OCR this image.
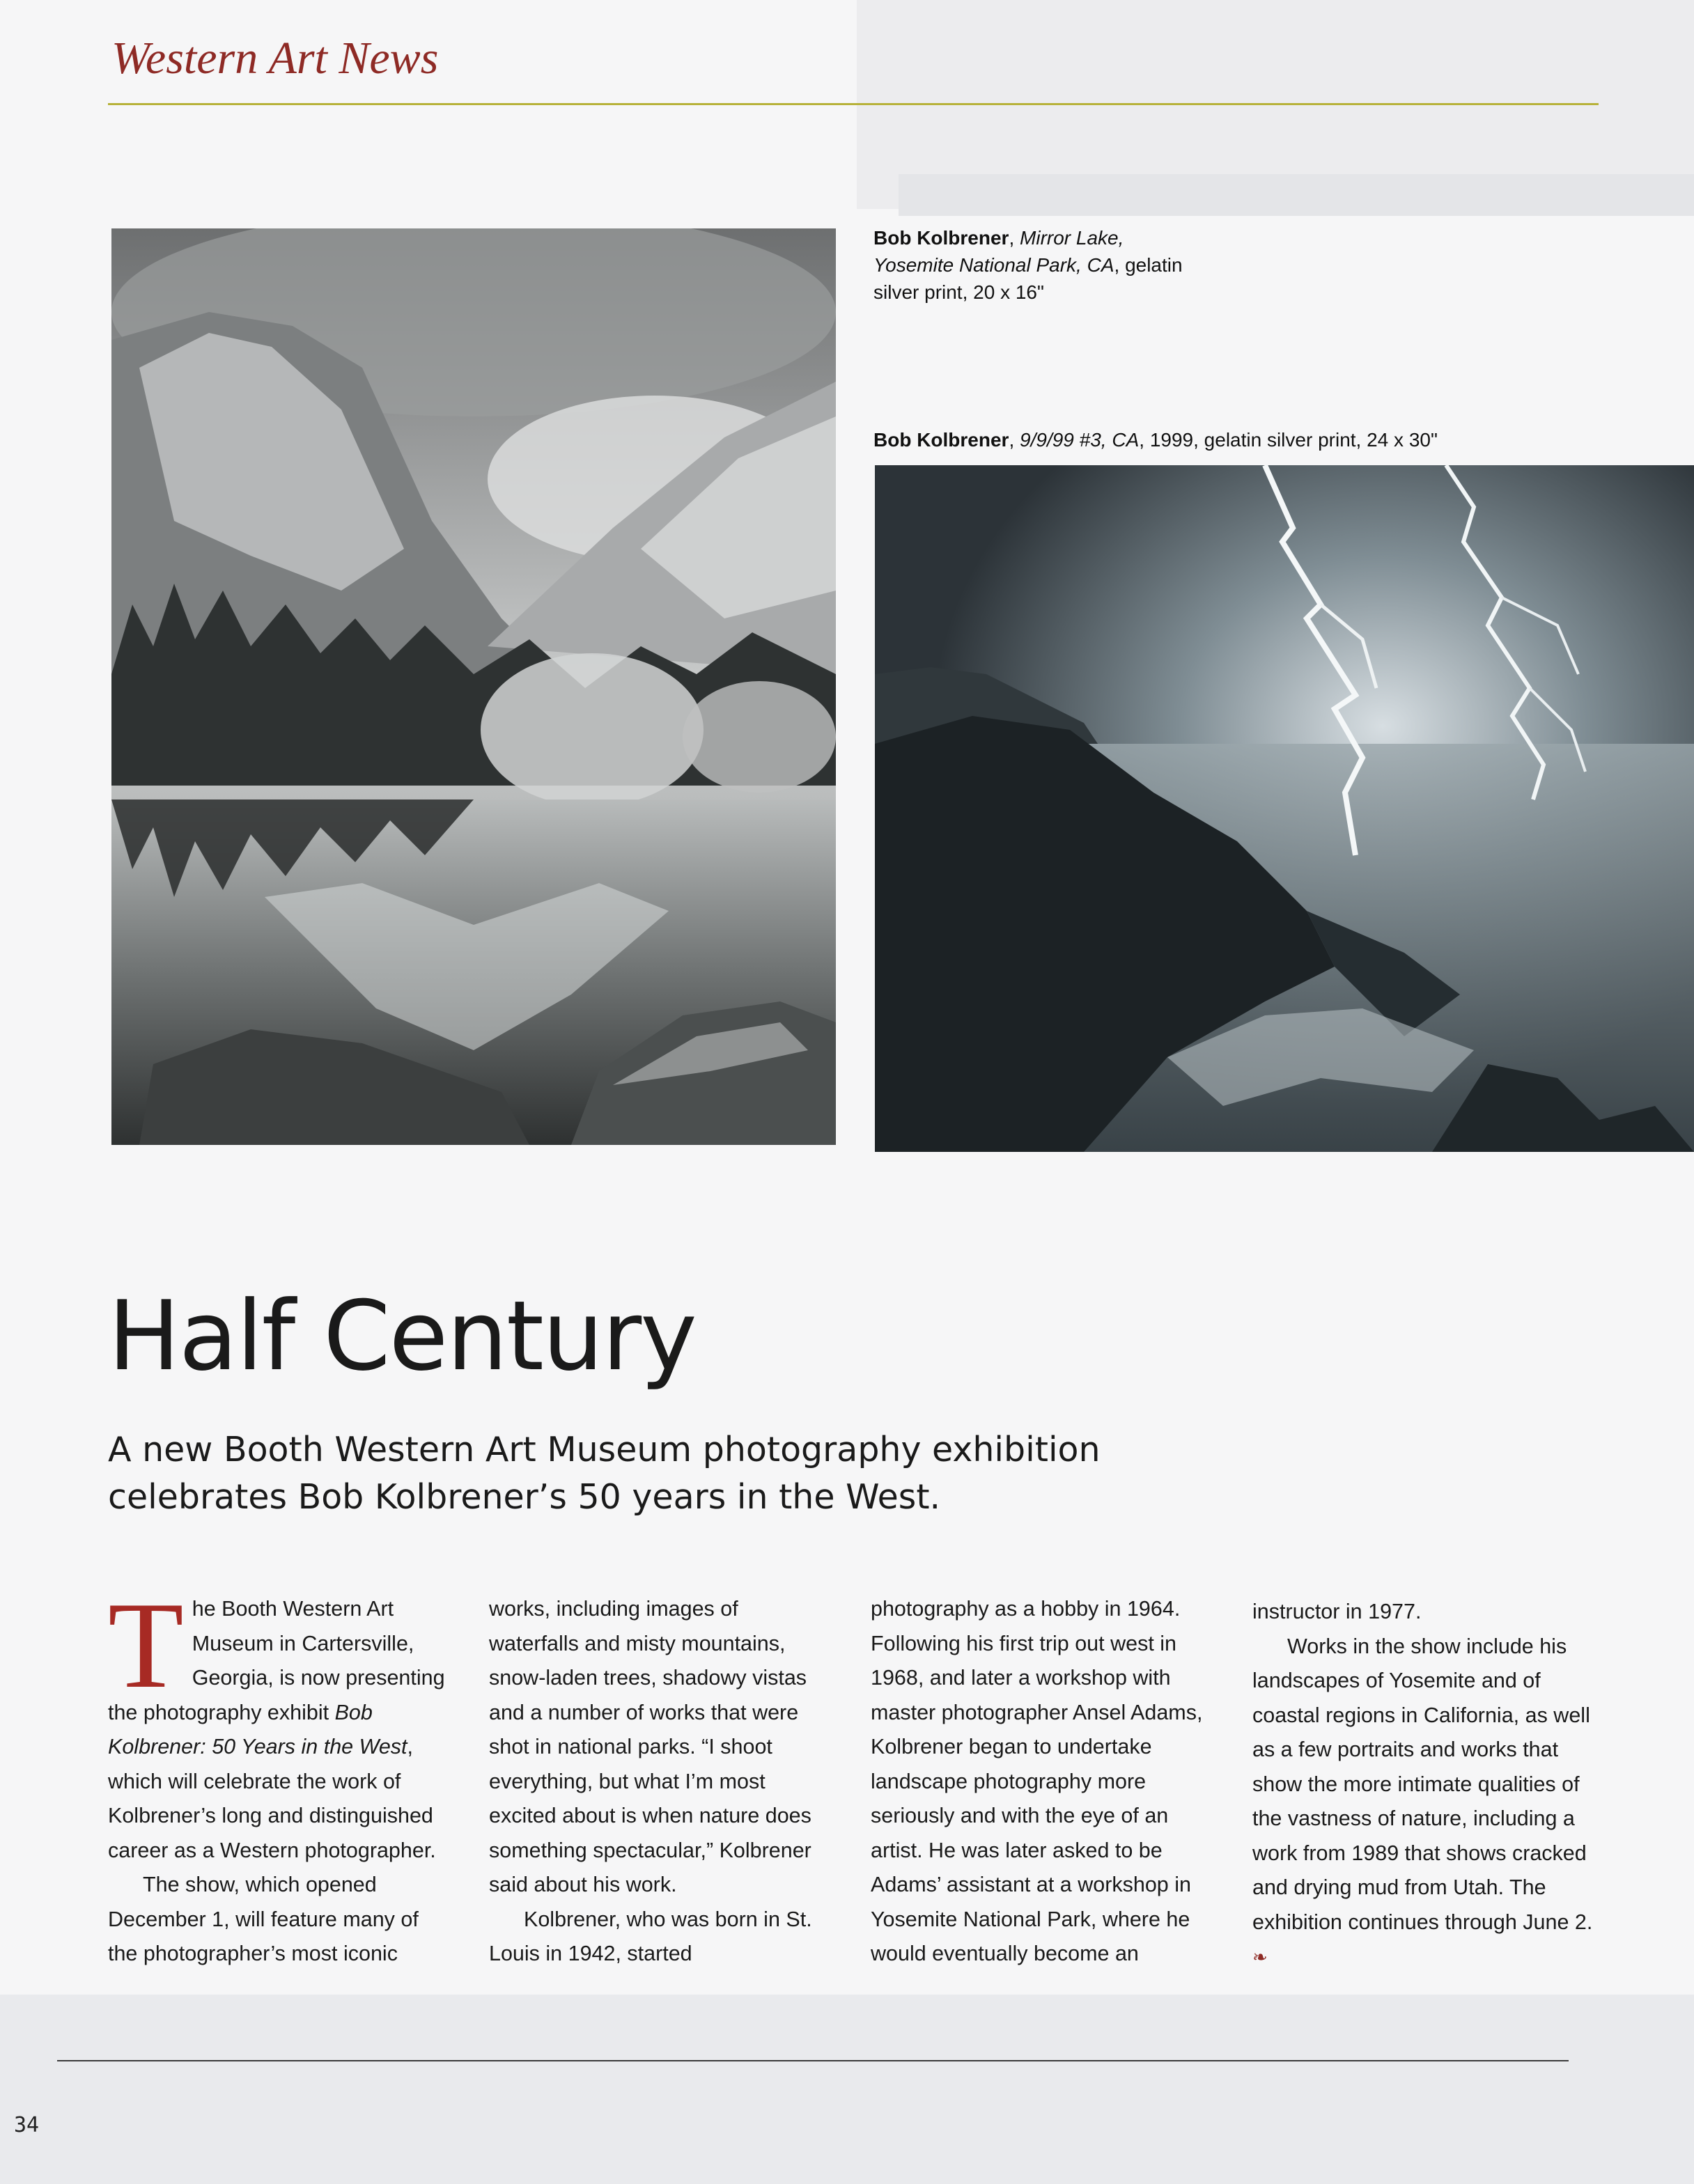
Western Art News
Bob Kolbrener, Mirror Lake, Yosemite National Park, CA, gelatin silver print, 20 x 16"
Bob Kolbrener, 9/9/99 #3, CA, 1999, gelatin silver print, 24 x 30"
Half Century
A new Booth Western Art Museum photography exhibition celebrates Bob Kolbrener’s 50 years in the West.

The Booth Western Art Museum in Cartersville, Georgia, is now presenting the photography exhibit Bob Kolbrener: 50 Years in the West, which will celebrate the work of Kolbrener’s long and distinguished career as a Western photographer.

The show, which opened December 1, will feature many of the photographer’s most iconic

works, including images of waterfalls and misty mountains, snow-laden trees, shadowy vistas and a number of works that were shot in national parks. “I shoot everything, but what I’m most excited about is when nature does something spectacular,” Kolbrener said about his work.

Kolbrener, who was born in St. Louis in 1942, started

photography as a hobby in 1964. Following his first trip out west in 1968, and later a workshop with master photographer Ansel Adams, Kolbrener began to undertake landscape photography more seriously and with the eye of an artist. He was later asked to be Adams’ assistant at a workshop in Yosemite National Park, where he would eventually become an

instructor in 1977.

Works in the show include his landscapes of Yosemite and of coastal regions in California, as well as a few portraits and works that show the more intimate qualities of the vastness of nature, including a work from 1989 that shows cracked and drying mud from Utah. The exhibition continues through June 2. ❧

34
